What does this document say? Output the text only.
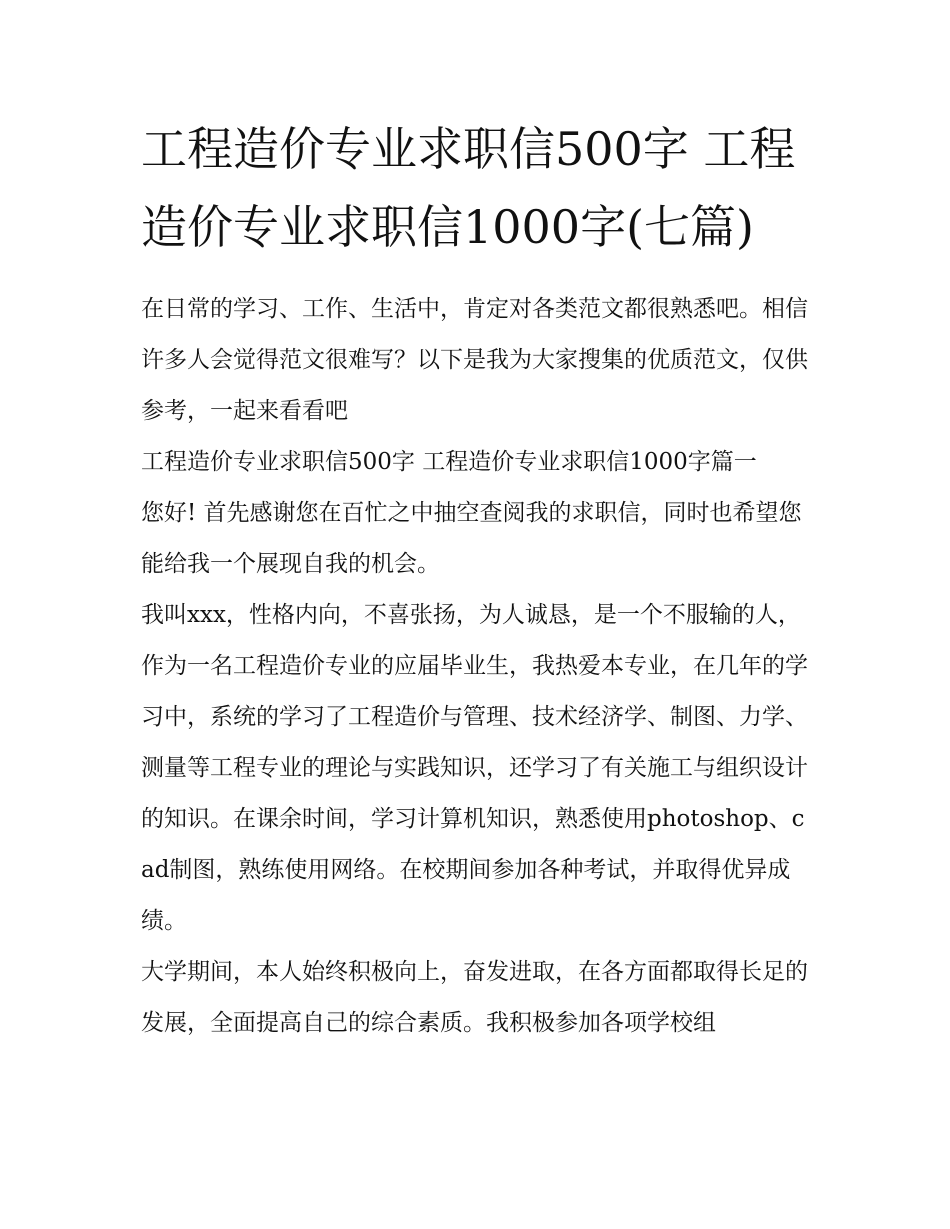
工程造价专业求职信500字 工程造价专业求职信1000字(七篇)

在日常的学习、工作、生活中，肯定对各类范文都很熟悉吧。相信许多人会觉得范文很难写？以下是我为大家搜集的优质范文，仅供参考，一起来看看吧

工程造价专业求职信500字 工程造价专业求职信1000字篇一

您好! 首先感谢您在百忙之中抽空查阅我的求职信，同时也希望您能给我一个展现自我的机会。

我叫xxx，性格内向，不喜张扬，为人诚恳，是一个不服输的人，作为一名工程造价专业的应届毕业生，我热爱本专业，在几年的学习中，系统的学习了工程造价与管理、技术经济学、制图、力学、测量等工程专业的理论与实践知识，还学习了有关施工与组织设计的知识。在课余时间，学习计算机知识，熟悉使用photoshop、cad制图，熟练使用网络。在校期间参加各种考试，并取得优异成绩。

大学期间，本人始终积极向上，奋发进取，在各方面都取得长足的发展，全面提高自己的综合素质。我积极参加各项学校组
